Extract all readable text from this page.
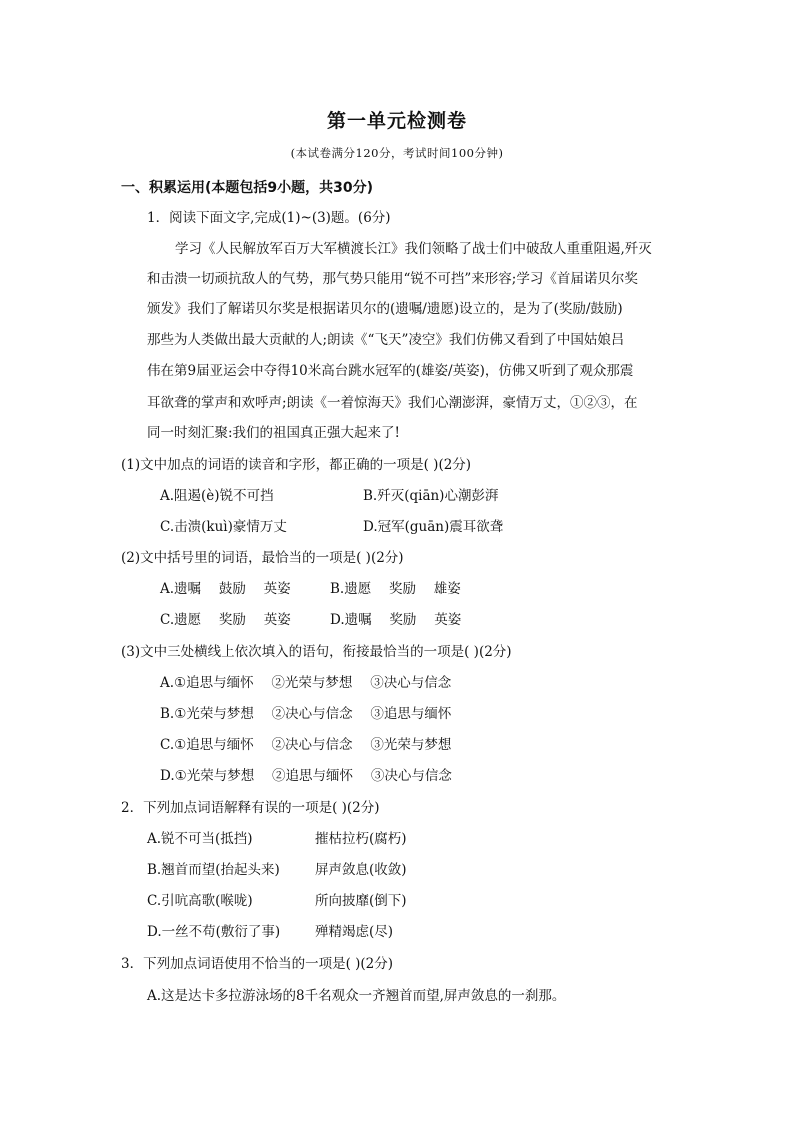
第一单元检测卷
(本试卷满分120分，考试时间100分钟)
一、积累运用(本题包括9小题，共30分)
1．阅读下面文字,完成(1)~(3)题。(6分)
学习《人民解放军百万大军横渡长江》我们领略了战士们中破敌人重重阻遏,歼灭
和击溃一切顽抗敌人的气势，那气势只能用“锐不可挡”来形容;学习《首届诺贝尔奖
颁发》我们了解诺贝尔奖是根据诺贝尔的(遗嘱/遗愿)设立的，是为了(奖励/鼓励)
那些为人类做出最大贡献的人;朗读《“飞天”凌空》我们仿佛又看到了中国姑娘吕
伟在第9届亚运会中夺得10米高台跳水冠军的(雄姿/英姿)，仿佛又听到了观众那震
耳欲聋的掌声和欢呼声;朗读《一着惊海天》我们心潮澎湃，豪情万丈，①②③，在
同一时刻汇聚:我们的祖国真正强大起来了!
(1)文中加点的词语的读音和字形，都正确的一项是( )(2分)
A.阻遏(è)锐不可挡	B.歼灭(qiān)心潮彭湃
C.击溃(kuì)豪情万丈	D.冠军(guān)震耳欲聋
(2)文中括号里的词语，最恰当的一项是( )(2分)
A.遗嘱　 鼓励　 英姿	B.遗愿　 奖励　 雄姿
C.遗愿　 奖励　 英姿	D.遗嘱　 奖励　 英姿
(3)文中三处横线上依次填入的语句，衔接最恰当的一项是( )(2分)
A.①追思与缅怀　 ②光荣与梦想　 ③决心与信念
B.①光荣与梦想　 ②决心与信念　 ③追思与缅怀
C.①追思与缅怀　 ②决心与信念　 ③光荣与梦想
D.①光荣与梦想　 ②追思与缅怀　 ③决心与信念
2．下列加点词语解释有误的一项是( )(2分)
A.锐不可当(抵挡)	摧枯拉朽(腐朽)
B.翘首而望(抬起头来)	屏声敛息(收敛)
C.引吭高歌(喉咙)	所向披靡(倒下)
D.一丝不苟(敷衍了事)	殚精竭虑(尽)
3．下列加点词语使用不恰当的一项是( )(2分)
A.这是达卡多拉游泳场的8千名观众一齐翘首而望,屏声敛息的一刹那。
